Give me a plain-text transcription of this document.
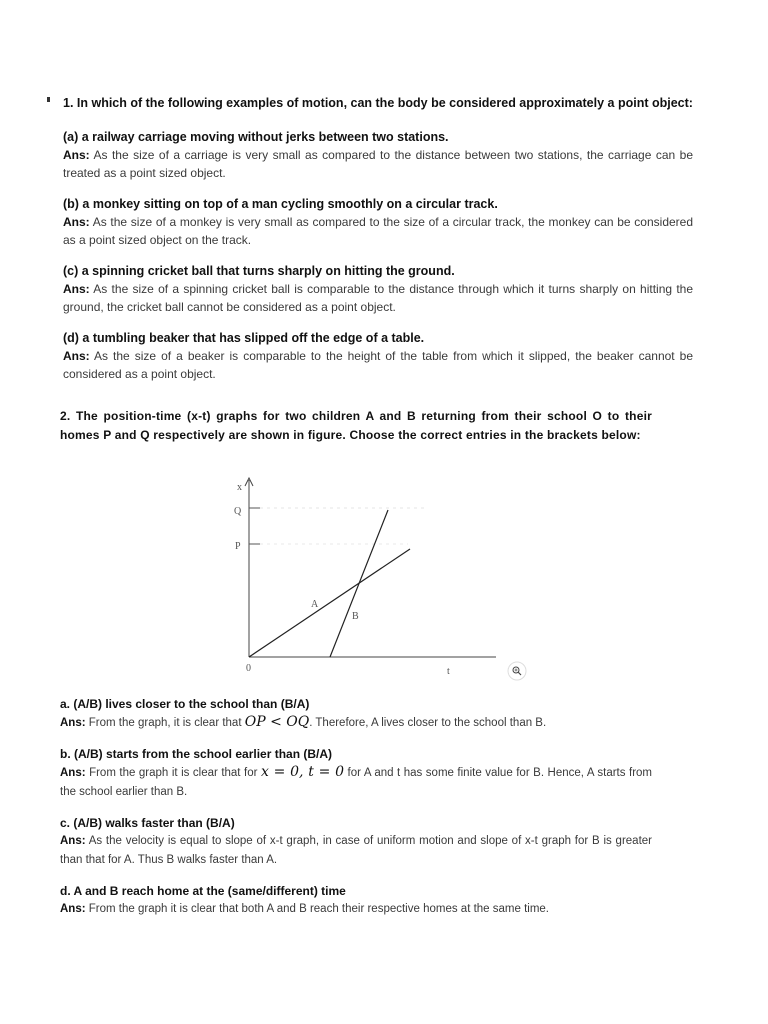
1. In which of the following examples of motion, can the body be considered approximately a point object:

(a) a railway carriage moving without jerks between two stations.

Ans: As the size of a carriage is very small as compared to the distance between two stations, the carriage can be treated as a point sized object.

(b) a monkey sitting on top of a man cycling smoothly on a circular track.

Ans: As the size of a monkey is very small as compared to the size of a circular track, the monkey can be considered as a point sized object on the track.

(c) a spinning cricket ball that turns sharply on hitting the ground.

Ans: As the size of a spinning cricket ball is comparable to the distance through which it turns sharply on hitting the ground, the cricket ball cannot be considered as a point object.

(d) a tumbling beaker that has slipped off the edge of a table.

Ans: As the size of a beaker is comparable to the height of the table from which it slipped, the beaker cannot be considered as a point object.

2. The position-time (x-t) graphs for two children A and B returning from their school O to their homes P and Q respectively are shown in figure. Choose the correct entries in the brackets below:

x
Q
P
0	t
A
B

a. (A/B) lives closer to the school than (B/A)

Ans: From the graph, it is clear that OP < OQ. Therefore, A lives closer to the school than B.

b. (A/B) starts from the school earlier than (B/A)

Ans: From the graph it is clear that for x = 0, t = 0 for A and t has some finite value for B. Hence, A starts from the school earlier than B.

c. (A/B) walks faster than (B/A)

Ans: As the velocity is equal to slope of x-t graph, in case of uniform motion and slope of x-t graph for B is greater than that for A. Thus B walks faster than A.

d. A and B reach home at the (same/different) time

Ans: From the graph it is clear that both A and B reach their respective homes at the same time.
